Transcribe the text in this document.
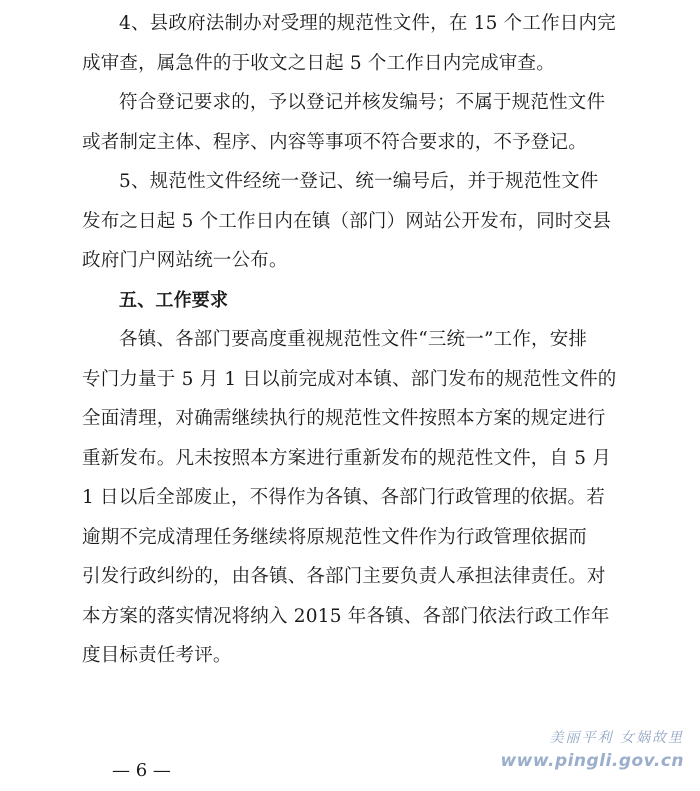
4、县政府法制办对受理的规范性文件，在 15 个工作日内完
成审查，属急件的于收文之日起 5 个工作日内完成审查。
符合登记要求的，予以登记并核发编号；不属于规范性文件
或者制定主体、程序、内容等事项不符合要求的，不予登记。
5、规范性文件经统一登记、统一编号后，并于规范性文件
发布之日起 5 个工作日内在镇（部门）网站公开发布，同时交县
政府门户网站统一公布。
五、工作要求
各镇、各部门要高度重视规范性文件“三统一”工作，安排
专门力量于 5 月 1 日以前完成对本镇、部门发布的规范性文件的
全面清理，对确需继续执行的规范性文件按照本方案的规定进行
重新发布。凡未按照本方案进行重新发布的规范性文件，自 5 月
1 日以后全部废止，不得作为各镇、各部门行政管理的依据。若
逾期不完成清理任务继续将原规范性文件作为行政管理依据而
引发行政纠纷的，由各镇、各部门主要负责人承担法律责任。对
本方案的落实情况将纳入 2015 年各镇、各部门依法行政工作年
度目标责任考评。
— 6 —
美丽平利 女娲故里
www.pingli.gov.cn
